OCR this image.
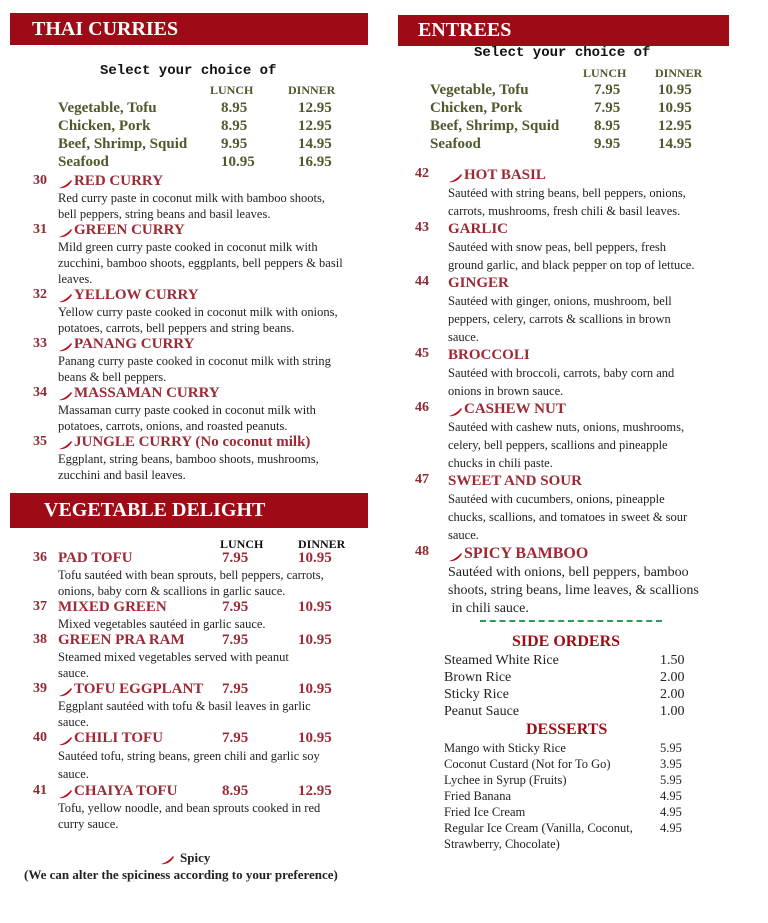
THAI CURRIES
Select your choice of
LUNCH	DINNER
Vegetable, Tofu	8.95	12.95
Chicken, Pork	8.95	12.95
Beef, Shrimp, Squid 9.95	14.95
Seafood	10.95	16.95
30 RED CURRY
Red curry paste in coconut milk with bamboo shoots,
bell peppers, string beans and basil leaves.
31 GREEN CURRY
Mild green curry paste cooked in coconut milk with
zucchini, bamboo shoots, eggplants, bell peppers & basil
leaves.
32 YELLOW CURRY
Yellow curry paste cooked in coconut milk with onions,
potatoes, carrots, bell peppers and string beans.
33 PANANG CURRY
Panang curry paste cooked in coconut milk with string
beans & bell peppers.
34 MASSAMAN CURRY
Massaman curry paste cooked in coconut milk with
potatoes, carrots, onions, and roasted peanuts.
35 JUNGLE CURRY (No coconut milk)
Eggplant, string beans, bamboo shoots, mushrooms,
zucchini and basil leaves.
VEGETABLE DELIGHT
LUNCH	DINNER
36 PAD TOFU	7.95	10.95
Tofu sautéed with bean sprouts, bell peppers, carrots,
onions, baby corn & scallions in garlic sauce.
37 MIXED GREEN	7.95	10.95
Mixed vegetables sautéed in garlic sauce.
38 GREEN PRA RAM 7.95	10.95
Steamed mixed vegetables served with peanut
sauce.
39 TOFU EGGPLANT 7.95	10.95
Eggplant sautéed with tofu & basil leaves in garlic
sauce.
40 CHILI TOFU	7.95	10.95
Sautéed tofu, string beans, green chili and garlic soy
sauce.
41 CHAIYA TOFU	8.95	12.95
Tofu, yellow noodle, and bean sprouts cooked in red
curry sauce.
Spicy
(We can alter the spiciness according to your preference)
ENTREES
Select your choice of
LUNCH DINNER
Vegetable, Tofu	7.95	10.95
Chicken, Pork	7.95	10.95
Beef, Shrimp, Squid 8.95	12.95
Seafood	9.95	14.95
42 HOT BASIL
Sautéed with string beans, bell peppers, onions,
carrots, mushrooms, fresh chili & basil leaves.
43 GARLIC
Sautéed with snow peas, bell peppers, fresh
ground garlic, and black pepper on top of lettuce.
44 GINGER
Sautéed with ginger, onions, mushroom, bell
peppers, celery, carrots & scallions in brown
sauce.
45 BROCCOLI
Sautéed with broccoli, carrots, baby corn and
onions in brown sauce.
46 CASHEW NUT
Sautéed with cashew nuts, onions, mushrooms,
celery, bell peppers, scallions and pineapple
chucks in chili paste.
47 SWEET AND SOUR
Sautéed with cucumbers, onions, pineapple
chucks, scallions, and tomatoes in sweet & sour
sauce.
48 SPICY BAMBOO
Sautéed with onions, bell peppers, bamboo
shoots, string beans, lime leaves, & scallions
in chili sauce.
SIDE ORDERS
Steamed White Rice	1.50
Brown Rice	2.00
Sticky Rice	2.00
Peanut Sauce	1.00
DESSERTS
Mango with Sticky Rice	5.95
Coconut Custard (Not for To Go)	3.95
Lychee in Syrup (Fruits)	5.95
Fried Banana	4.95
Fried Ice Cream	4.95
Regular Ice Cream (Vanilla, Coconut, 4.95
Strawberry, Chocolate)
